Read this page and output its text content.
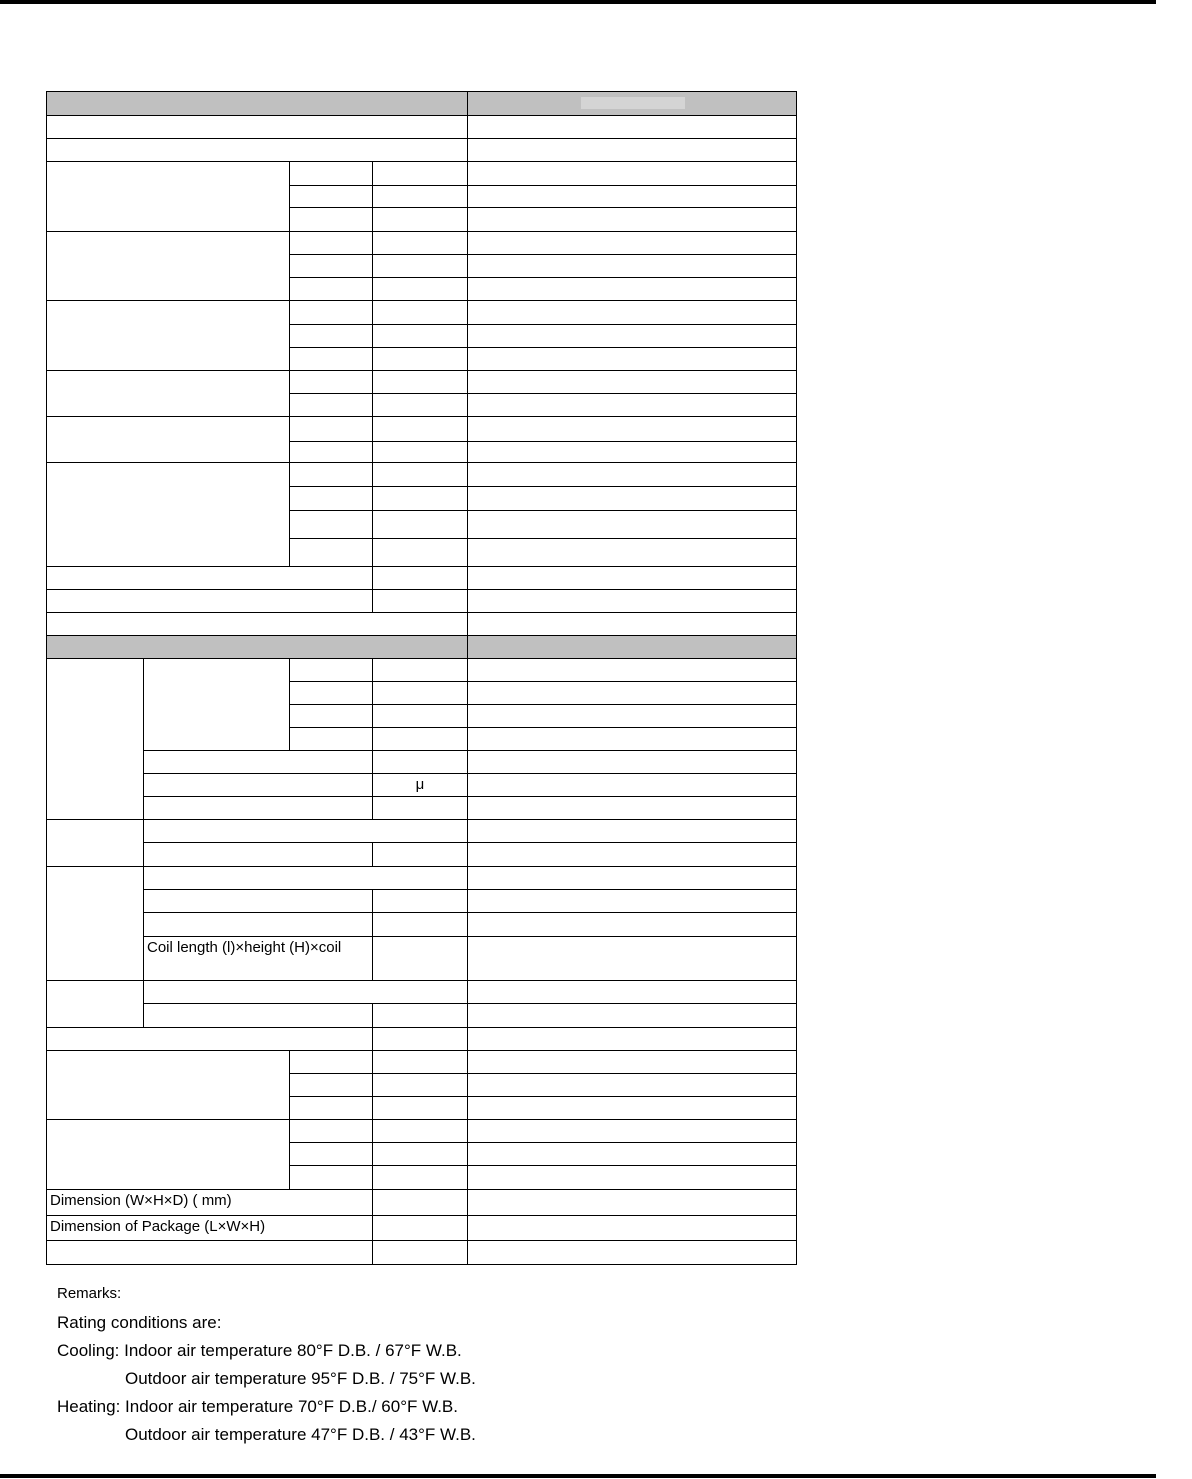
μ
Coil length (l)×height (H)×coil
Dimension (W×H×D) ( mm)
Dimension of Package (L×W×H)
Remarks:
Rating conditions are:
Cooling: Indoor air temperature 80°F D.B. / 67°F W.B.
Outdoor air temperature 95°F D.B. / 75°F W.B.
Heating: Indoor air temperature 70°F D.B./ 60°F W.B.
Outdoor air temperature 47°F D.B. / 43°F W.B.
